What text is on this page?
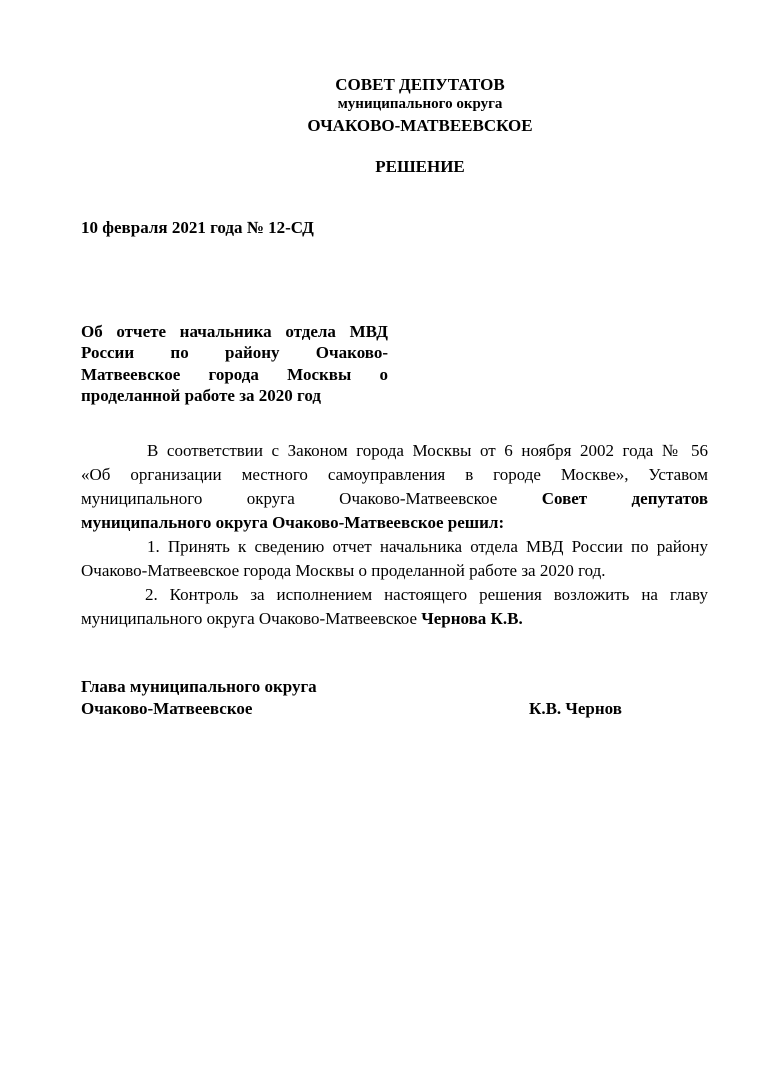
СОВЕТ ДЕПУТАТОВ
муниципального округа
ОЧАКОВО-МАТВЕЕВСКОЕ
РЕШЕНИЕ
10 февраля 2021 года № 12-СД
Об отчете начальника отдела МВД
России по району Очаково-
Матвеевское города Москвы о
проделанной работе за 2020 год
В соответствии с Законом города Москвы от 6 ноября 2002 года № 56
«Об организации местного самоуправления в городе Москве», Уставом
муниципального округа Очаково-Матвеевское	Совет депутатов
муниципального округа Очаково-Матвеевское решил:
1. Принять к сведению отчет начальника отдела МВД России по району
Очаково-Матвеевское города Москвы о проделанной работе за 2020 год.
2. Контроль за исполнением настоящего решения возложить на главу
муниципального округа Очаково-Матвеевское Чернова К.В.
Глава муниципального округа
Очаково-Матвеевское	К.В. Чернов
